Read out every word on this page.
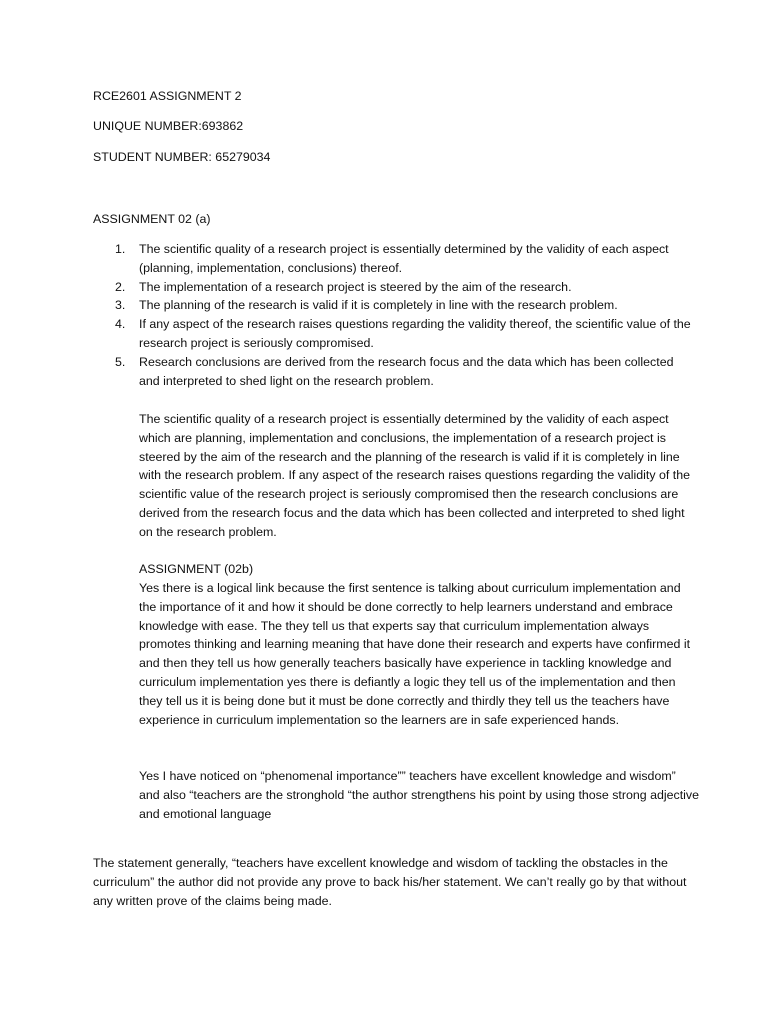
RCE2601 ASSIGNMENT 2

UNIQUE NUMBER:693862

STUDENT NUMBER: 65279034

ASSIGNMENT 02 (a)

1. The scientific quality of a research project is essentially determined by the validity of each aspect (planning, implementation, conclusions) thereof.
2. The implementation of a research project is steered by the aim of the research.
3. The planning of the research is valid if it is completely in line with the research problem.
4. If any aspect of the research raises questions regarding the validity thereof, the scientific value of the research project is seriously compromised.
5. Research conclusions are derived from the research focus and the data which has been collected and interpreted to shed light on the research problem.

The scientific quality of a research project is essentially determined by the validity of each aspect which are planning, implementation and conclusions, the implementation of a research project is steered by the aim of the research and the planning of the research is valid if it is completely in line with the research problem. If any aspect of the research raises questions regarding the validity of the scientific value of the research project is seriously compromised then the research conclusions are derived from the research focus and the data which has been collected and interpreted to shed light on the research problem.

ASSIGNMENT (02b)

Yes there is a logical link because the first sentence is talking about curriculum implementation and the importance of it and how it should be done correctly to help learners understand and embrace knowledge with ease. The they tell us that experts say that curriculum implementation always promotes thinking and learning meaning that have done their research and experts have confirmed it and then they tell us how generally teachers basically have experience in tackling knowledge and curriculum implementation yes there is defiantly a logic they tell us of the implementation and then they tell us it is being done but it must be done correctly and thirdly they tell us the teachers have experience in curriculum implementation so the learners are in safe experienced hands.

Yes I have noticed on “phenomenal importance”” teachers have excellent knowledge and wisdom” and also “teachers are the stronghold “the author strengthens his point by using those strong adjective and emotional language

The statement generally, “teachers have excellent knowledge and wisdom of tackling the obstacles in the curriculum” the author did not provide any prove to back his/her statement. We can’t really go by that without any written prove of the claims being made.
